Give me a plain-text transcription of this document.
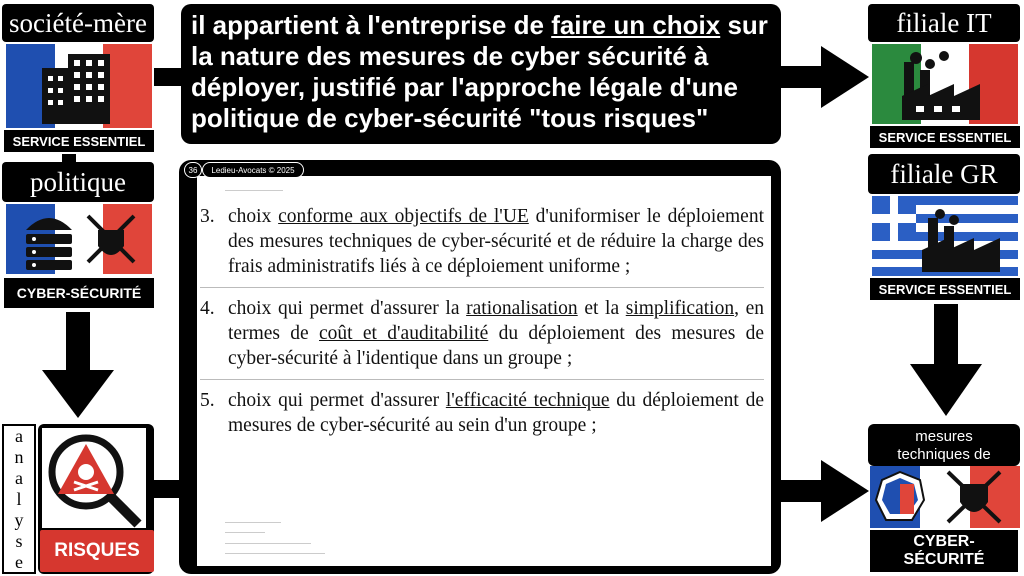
société-mère
SERVICE ESSENTIEL
politique
CYBER-SÉCURITÉ
a
n
a
l
y
s
e
RISQUES
il appartient à l'entreprise de faire un choix sur la nature des mesures de cyber sécurité à déployer, justifié par l'approche légale d'une politique de cyber-sécurité "tous risques"
36 Ledieu-Avocats © 2025
3. choix conforme aux objectifs de l'UE d'uniformiser le déploiement des mesures techniques de cyber-sécurité et de réduire la charge des frais administratifs liés à ce déploiement uniforme ;
4. choix qui permet d'assurer la rationalisation et la simplification, en termes de coût et d'auditabilité du déploiement des mesures de cyber-sécurité à l'identique dans un groupe ;
5. choix qui permet d'assurer l'efficacité technique du déploiement de mesures de cyber-sécurité au sein d'un groupe ;
filiale IT
SERVICE ESSENTIEL
filiale GR
SERVICE ESSENTIEL
mesures
techniques de
CYBER-
SÉCURITÉ
